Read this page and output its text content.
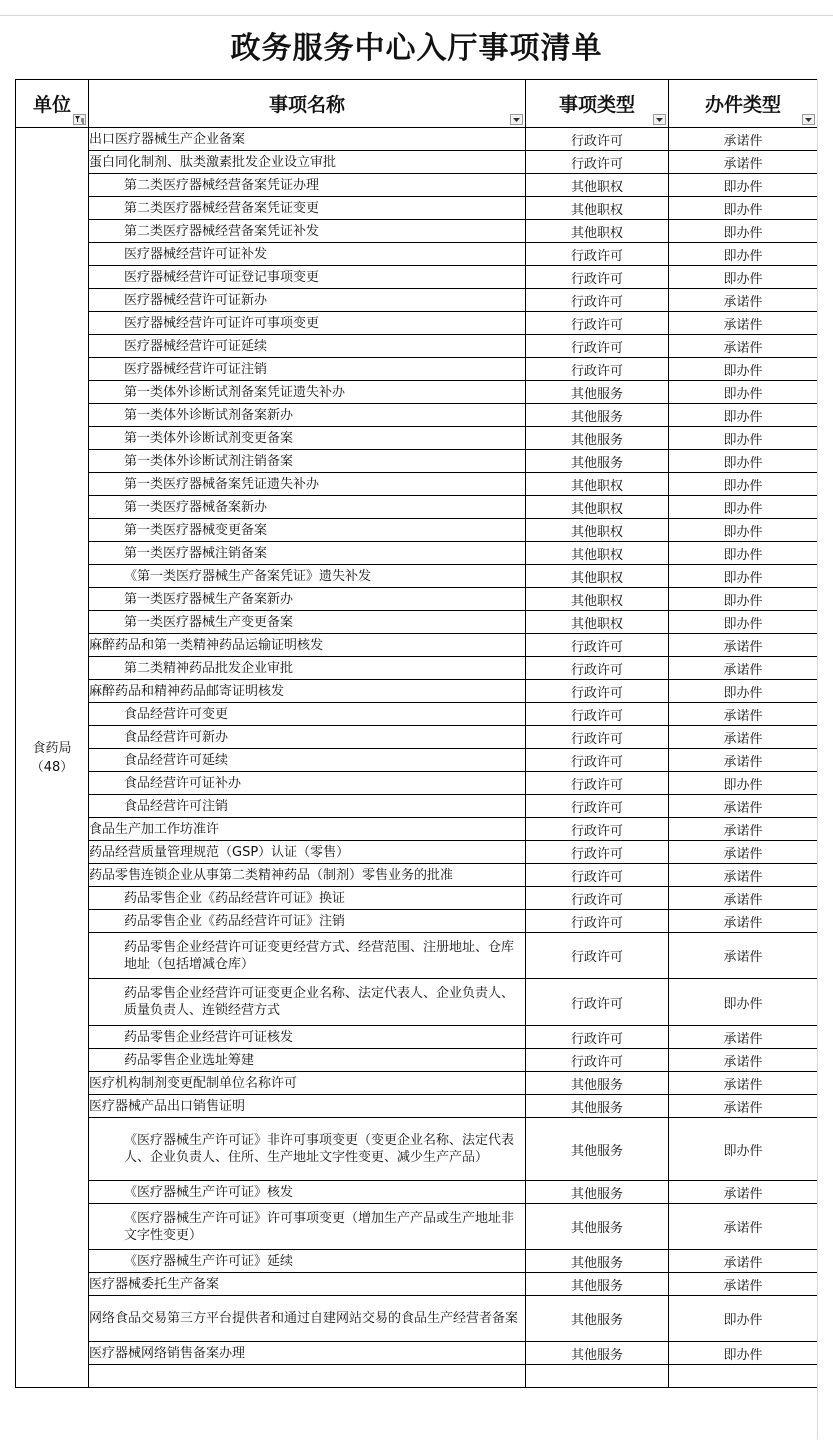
政务服务中心入厅事项清单
单位	事项名称	事项类型	办件类型

食药局
（48）	出口医疗器械生产企业备案	行政许可	承诺件
	蛋白同化制剂、肽类激素批发企业设立审批	行政许可	承诺件
	第二类医疗器械经营备案凭证办理	其他职权	即办件
	第二类医疗器械经营备案凭证变更	其他职权	即办件
	第二类医疗器械经营备案凭证补发	其他职权	即办件
	医疗器械经营许可证补发	行政许可	即办件
	医疗器械经营许可证登记事项变更	行政许可	即办件
	医疗器械经营许可证新办	行政许可	承诺件
	医疗器械经营许可证许可事项变更	行政许可	承诺件
	医疗器械经营许可证延续	行政许可	承诺件
	医疗器械经营许可证注销	行政许可	即办件
	第一类体外诊断试剂备案凭证遗失补办	其他服务	即办件
	第一类体外诊断试剂备案新办	其他服务	即办件
	第一类体外诊断试剂变更备案	其他服务	即办件
	第一类体外诊断试剂注销备案	其他服务	即办件
	第一类医疗器械备案凭证遗失补办	其他职权	即办件
	第一类医疗器械备案新办	其他职权	即办件
	第一类医疗器械变更备案	其他职权	即办件
	第一类医疗器械注销备案	其他职权	即办件
	《第一类医疗器械生产备案凭证》遗失补发	其他职权	即办件
	第一类医疗器械生产备案新办	其他职权	即办件
	第一类医疗器械生产变更备案	其他职权	即办件
	麻醉药品和第一类精神药品运输证明核发	行政许可	承诺件
	第二类精神药品批发企业审批	行政许可	承诺件
	麻醉药品和精神药品邮寄证明核发	行政许可	即办件
	食品经营许可变更	行政许可	承诺件
	食品经营许可新办	行政许可	承诺件
	食品经营许可延续	行政许可	承诺件
	食品经营许可证补办	行政许可	即办件
	食品经营许可注销	行政许可	承诺件
	食品生产加工作坊准许	行政许可	承诺件
	药品经营质量管理规范（GSP）认证（零售）	行政许可	承诺件
	药品零售连锁企业从事第二类精神药品（制剂）零售业务的批准	行政许可	承诺件
	药品零售企业《药品经营许可证》换证	行政许可	承诺件
	药品零售企业《药品经营许可证》注销	行政许可	承诺件
	药品零售企业经营许可证变更经营方式、经营范围、注册地址、仓库地址（包括增减仓库）	行政许可	承诺件
	药品零售企业经营许可证变更企业名称、法定代表人、企业负责人、质量负责人、连锁经营方式	行政许可	即办件
	药品零售企业经营许可证核发	行政许可	承诺件
	药品零售企业选址筹建	行政许可	承诺件
	医疗机构制剂变更配制单位名称许可	其他服务	承诺件
	医疗器械产品出口销售证明	其他服务	承诺件
	《医疗器械生产许可证》非许可事项变更（变更企业名称、法定代表人、企业负责人、住所、生产地址文字性变更、减少生产产品）	其他服务	即办件
	《医疗器械生产许可证》核发	其他服务	承诺件
	《医疗器械生产许可证》许可事项变更（增加生产产品或生产地址非文字性变更）	其他服务	承诺件
	《医疗器械生产许可证》延续	其他服务	承诺件
	医疗器械委托生产备案	其他服务	承诺件
	网络食品交易第三方平台提供者和通过自建网站交易的食品生产经营者备案	其他服务	即办件
	医疗器械网络销售备案办理	其他服务	即办件
